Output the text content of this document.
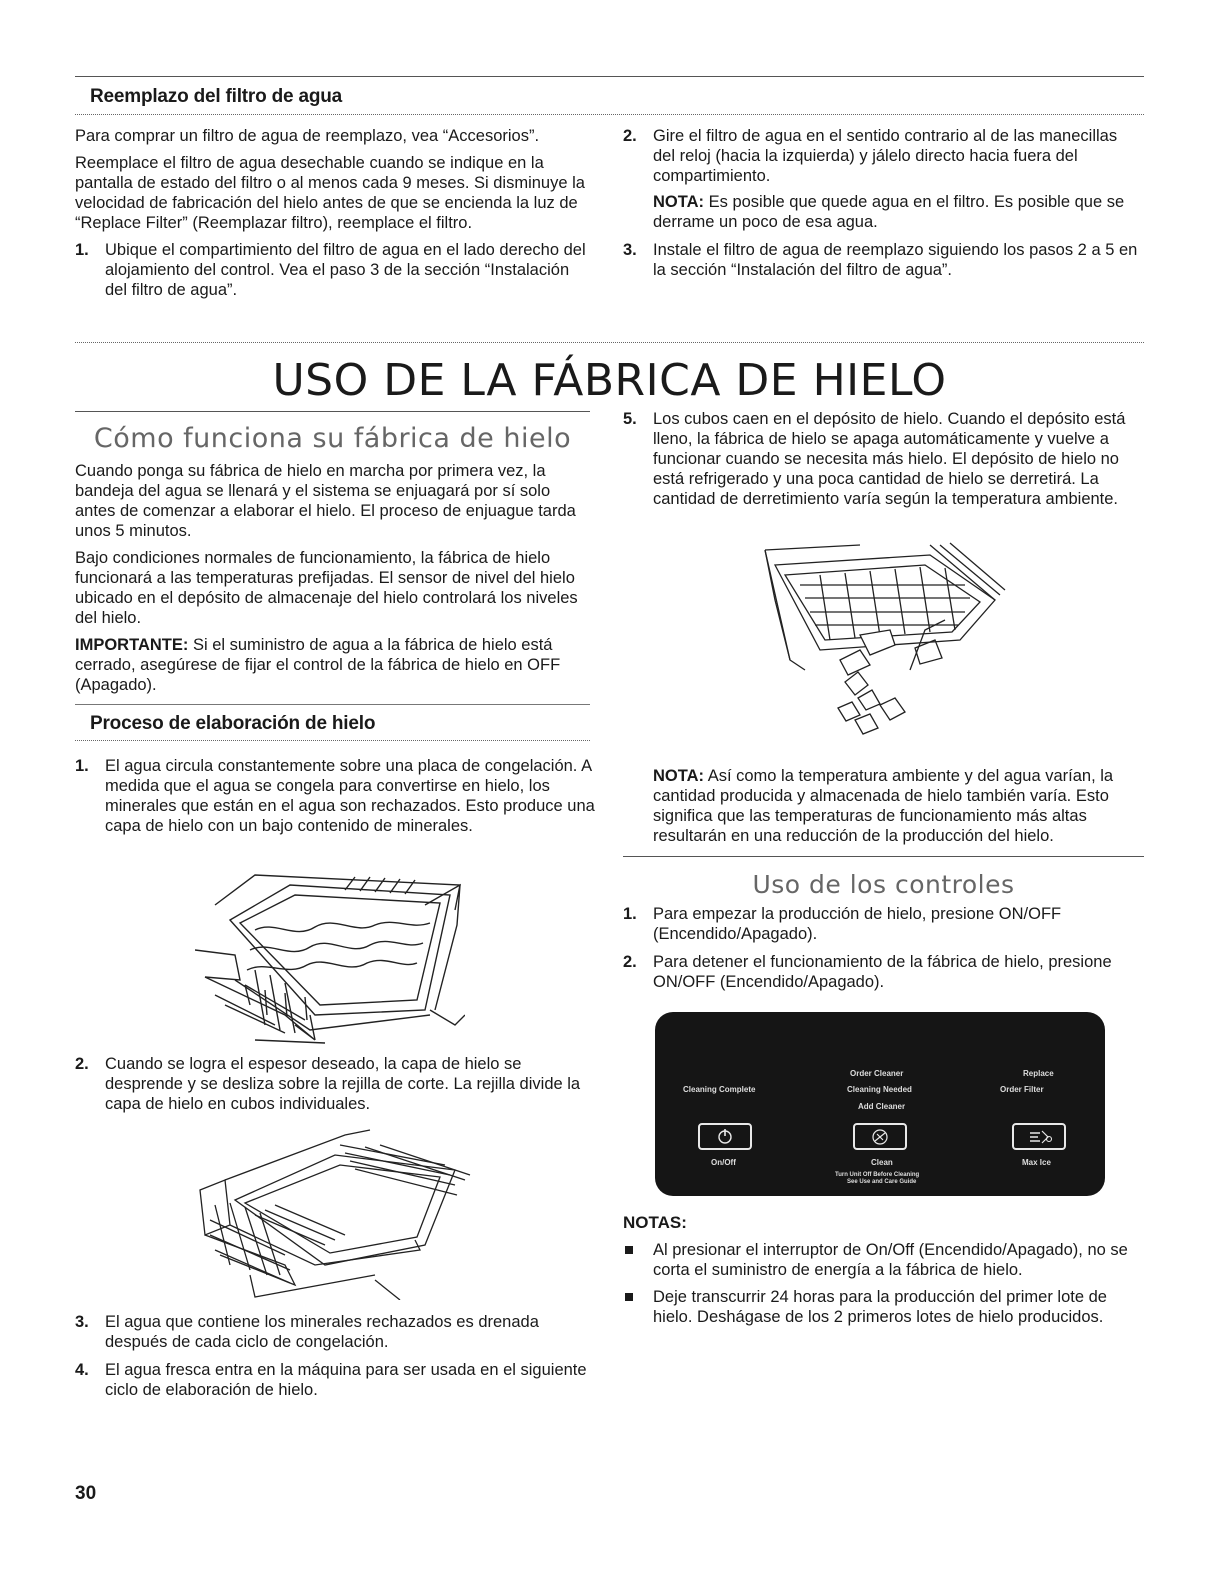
Reemplazo del filtro de agua

Para comprar un filtro de agua de reemplazo, vea “Accesorios”.

Reemplace el filtro de agua desechable cuando se indique en la pantalla de estado del filtro o al menos cada 9 meses. Si disminuye la velocidad de fabricación del hielo antes de que se encienda la luz de “Replace Filter” (Reemplazar filtro), reemplace el filtro.

1. Ubique el compartimiento del filtro de agua en el lado derecho del alojamiento del control. Vea el paso 3 de la sección “Instalación del filtro de agua”.
2. Gire el filtro de agua en el sentido contrario al de las manecillas del reloj (hacia la izquierda) y jálelo directo hacia fuera del compartimiento.

NOTA: Es posible que quede agua en el filtro. Es posible que se derrame un poco de esa agua.

3. Instale el filtro de agua de reemplazo siguiendo los pasos 2 a 5 en la sección “Instalación del filtro de agua”.
USO DE LA FÁBRICA DE HIELO
Cómo funciona su fábrica de hielo

Cuando ponga su fábrica de hielo en marcha por primera vez, la bandeja del agua se llenará y el sistema se enjuagará por sí solo antes de comenzar a elaborar el hielo. El proceso de enjuague tarda unos 5 minutos.

Bajo condiciones normales de funcionamiento, la fábrica de hielo funcionará a las temperaturas prefijadas. El sensor de nivel del hielo ubicado en el depósito de almacenaje del hielo controlará los niveles del hielo.

IMPORTANTE: Si el suministro de agua a la fábrica de hielo está cerrado, asegúrese de fijar el control de la fábrica de hielo en OFF (Apagado).

Proceso de elaboración de hielo
1. El agua circula constantemente sobre una placa de congelación. A medida que el agua se congela para convertirse en hielo, los minerales que están en el agua son rechazados. Esto produce una capa de hielo con un bajo contenido de minerales.
2. Cuando se logra el espesor deseado, la capa de hielo se desprende y se desliza sobre la rejilla de corte. La rejilla divide la capa de hielo en cubos individuales.
3. El agua que contiene los minerales rechazados es drenada después de cada ciclo de congelación.
4. El agua fresca entra en la máquina para ser usada en el siguiente ciclo de elaboración de hielo.
30
5. Los cubos caen en el depósito de hielo. Cuando el depósito está lleno, la fábrica de hielo se apaga automáticamente y vuelve a funcionar cuando se necesita más hielo. El depósito de hielo no está refrigerado y una poca cantidad de hielo se derretirá. La cantidad de derretimiento varía según la temperatura ambiente.

NOTA: Así como la temperatura ambiente y del agua varían, la cantidad producida y almacenada de hielo también varía. Esto significa que las temperaturas de funcionamiento más altas resultarán en una reducción de la producción del hielo.

Uso de los controles
1. Para empezar la producción de hielo, presione ON/OFF (Encendido/Apagado).
2. Para detener el funcionamiento de la fábrica de hielo, presione ON/OFF (Encendido/Apagado).
Cleaning Complete
Order Cleaner
Cleaning Needed
Add Cleaner
Replace
Order Filter
On/Off	Clean	Max Ice
Turn Unit Off Before Cleaning
See Use and Care Guide
NOTAS:
Al presionar el interruptor de On/Off (Encendido/Apagado), no se corta el suministro de energía a la fábrica de hielo.
Deje transcurrir 24 horas para la producción del primer lote de hielo. Deshágase de los 2 primeros lotes de hielo producidos.
